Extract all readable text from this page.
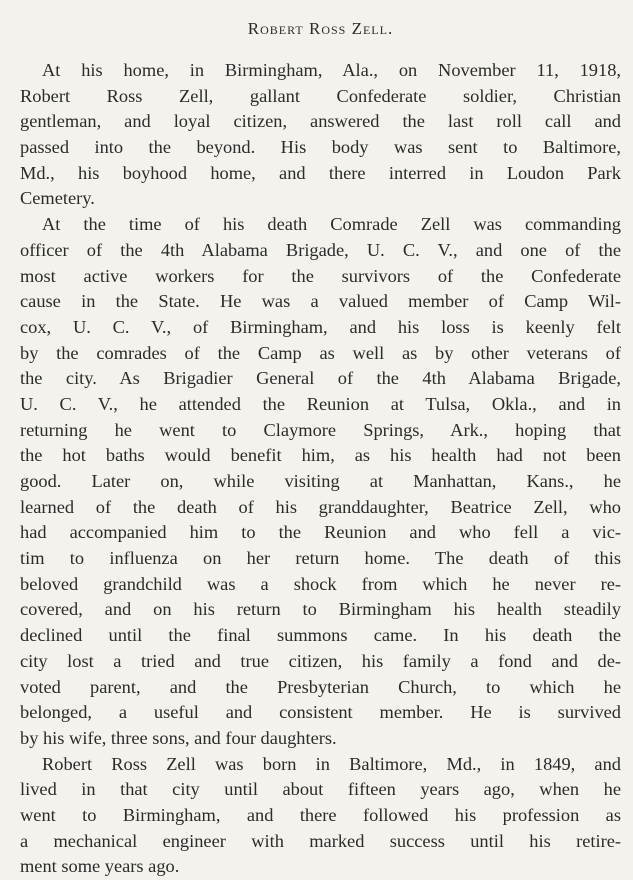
Robert Ross Zell.
At his home, in Birmingham, Ala., on November 11, 1918,
Robert Ross Zell, gallant Confederate soldier, Christian
gentleman, and loyal citizen, answered the last roll call and
passed into the beyond. His body was sent to Baltimore,
Md., his boyhood home, and there interred in Loudon Park
Cemetery.
At the time of his death Comrade Zell was commanding
officer of the 4th Alabama Brigade, U. C. V., and one of the
most active workers for the survivors of the Confederate
cause in the State. He was a valued member of Camp Wil-
cox, U. C. V., of Birmingham, and his loss is keenly felt
by the comrades of the Camp as well as by other veterans of
the city. As Brigadier General of the 4th Alabama Brigade,
U. C. V., he attended the Reunion at Tulsa, Okla., and in
returning he went to Claymore Springs, Ark., hoping that
the hot baths would benefit him, as his health had not been
good. Later on, while visiting at Manhattan, Kans., he
learned of the death of his granddaughter, Beatrice Zell, who
had accompanied him to the Reunion and who fell a vic-
tim to influenza on her return home. The death of this
beloved grandchild was a shock from which he never re-
covered, and on his return to Birmingham his health steadily
declined until the final summons came. In his death the
city lost a tried and true citizen, his family a fond and de-
voted parent, and the Presbyterian Church, to which he
belonged, a useful and consistent member. He is survived
by his wife, three sons, and four daughters.
Robert Ross Zell was born in Baltimore, Md., in 1849, and
lived in that city until about fifteen years ago, when he
went to Birmingham, and there followed his profession as
a mechanical engineer with marked success until his retire-
ment some years ago.
